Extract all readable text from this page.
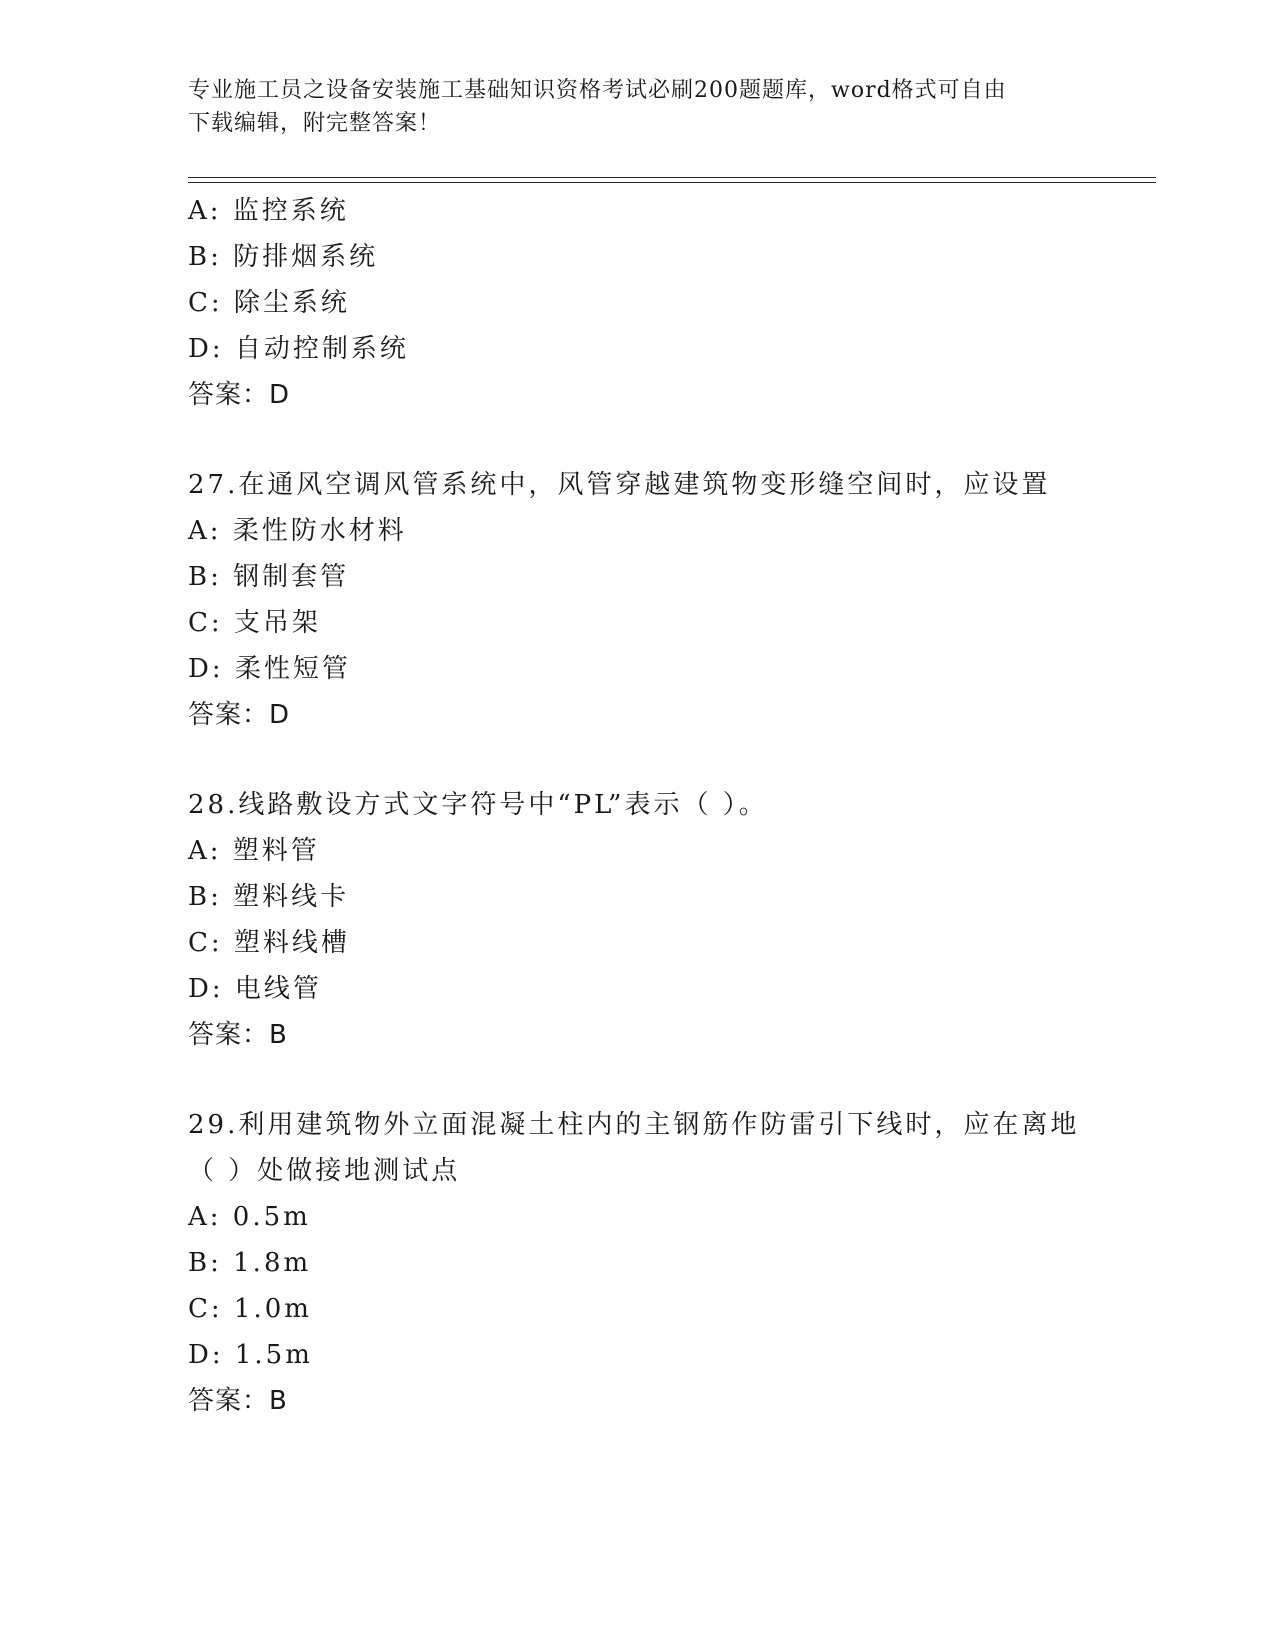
专业施工员之设备安装施工基础知识资格考试必刷200题题库，word格式可自由
下载编辑，附完整答案！
A: 监控系统
B: 防排烟系统
C: 除尘系统
D: 自动控制系统
答案：D
27.在通风空调风管系统中，风管穿越建筑物变形缝空间时，应设置
A: 柔性防水材料
B: 钢制套管
C: 支吊架
D: 柔性短管
答案：D
28.线路敷设方式文字符号中“PL”表示（ ）。
A: 塑料管
B: 塑料线卡
C: 塑料线槽
D: 电线管
答案：B
29.利用建筑物外立面混凝土柱内的主钢筋作防雷引下线时，应在离地
（ ）处做接地测试点
A: 0.5m
B: 1.8m
C: 1.0m
D: 1.5m
答案：B
